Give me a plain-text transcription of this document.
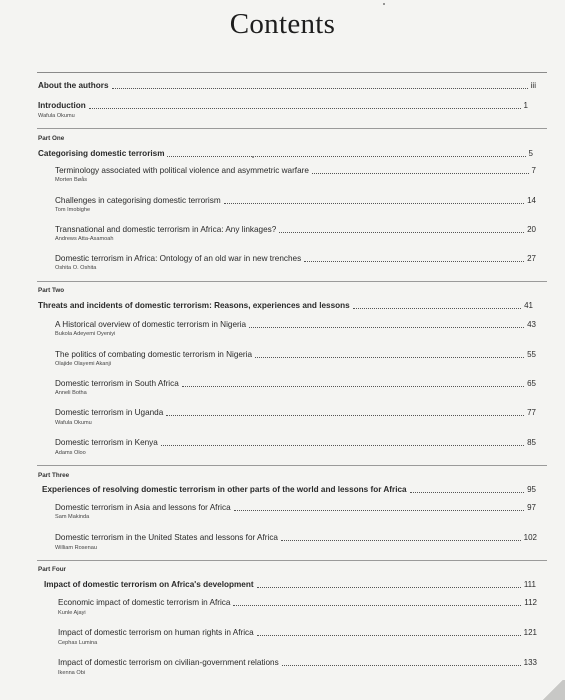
Contents
About the authors	iii
Introduction	1
Wafula Okumu
Part One
Categorising domestic terrorism	5
Terminology associated with political violence and asymmetric warfare	7
Morten Bøås
Challenges in categorising domestic terrorism	14
Tom Imobighe
Transnational and domestic terrorism in Africa: Any linkages?	20
Andrews Atta-Asamoah
Domestic terrorism in Africa: Ontology of an old war in new trenches	27
Oshita O. Oshita
Part Two
Threats and incidents of domestic terrorism: Reasons, experiences and lessons	41
A Historical overview of domestic terrorism in Nigeria	43
Bukola Adeyemi Oyeniyi
The politics of combating domestic terrorism in Nigeria	55
Olajide Olayemi Akanji
Domestic terrorism in South Africa	65
Anneli Botha
Domestic terrorism in Uganda	77
Wafula Okumu
Domestic terrorism in Kenya	85
Adams Oloo
Part Three
Experiences of resolving domestic terrorism in other parts of the world and lessons for Africa	95
Domestic terrorism in Asia and lessons for Africa	97
Sam Makinda
Domestic terrorism in the United States and lessons for Africa	102
William Rosenau
Part Four
Impact of domestic terrorism on Africa's development	111
Economic impact of domestic terrorism in Africa	112
Kunle Ajayi
Impact of domestic terrorism on human rights in Africa	121
Cephas Lumina
Impact of domestic terrorism on civilian-government relations	133
Ikenna Obi
